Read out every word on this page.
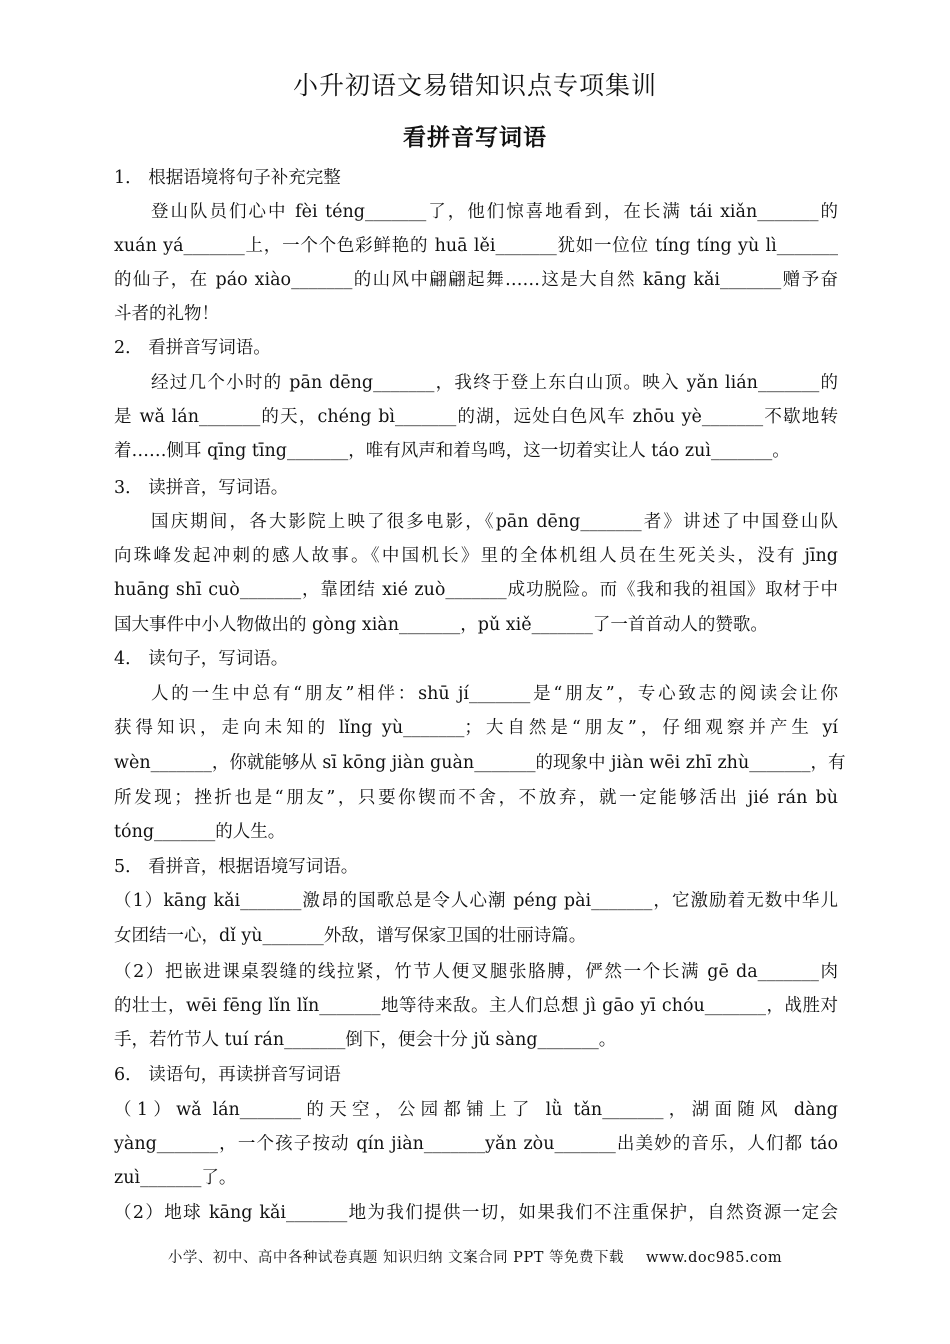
小升初语文易错知识点专项集训
看拼音写词语
1． 根据语境将句子补充完整
登山队员们心中 fèi téng_______了，他们惊喜地看到，在长满 tái xiǎn_______的
xuán yá_______上，一个个色彩鲜艳的 huā lěi_______犹如一位位 tíng tíng yù lì_______
的仙子，在 páo xiào_______的山风中翩翩起舞……这是大自然 kāng kǎi_______赠予奋
斗者的礼物！
2． 看拼音写词语。
经过几个小时的 pān dēng_______，我终于登上东白山顶。映入 yǎn lián_______的
是 wǎ lán_______的天，chéng bì_______的湖，远处白色风车 zhōu yè_______不歇地转
着……侧耳 qīng tīng_______，唯有风声和着鸟鸣，这一切着实让人 táo zuì_______。
3． 读拼音，写词语。
国庆期间，各大影院上映了很多电影，《pān dēng_______者》讲述了中国登山队
向珠峰发起冲刺的感人故事。《中国机长》里的全体机组人员在生死关头，没有 jīng
huāng shī cuò_______，靠团结 xié zuò_______成功脱险。而《我和我的祖国》取材于中
国大事件中小人物做出的 gòng xiàn_______，pǔ xiě_______了一首首动人的赞歌。
4． 读句子，写词语。
人的一生中总有“朋友”相伴：shū jí_______是“朋友”，专心致志的阅读会让你
获得知识，走向未知的 lǐng yù_______；大自然是“朋友”，仔细观察并产生 yí
wèn_______，你就能够从 sī kōng jiàn guàn_______的现象中 jiàn wēi zhī zhù_______，有
所发现；挫折也是“朋友”，只要你锲而不舍，不放弃，就一定能够活出 jié rán bù
tóng_______的人生。
5． 看拼音，根据语境写词语。
（1）kāng kǎi_______激昂的国歌总是令人心潮 péng pài_______，它激励着无数中华儿
女团结一心，dǐ yù_______外敌，谱写保家卫国的壮丽诗篇。
（2）把嵌进课桌裂缝的线拉紧，竹节人便叉腿张胳膊，俨然一个长满 gē da_______肉
的壮士，wēi fēng lǐn lǐn_______地等待来敌。主人们总想 jì gāo yī chóu_______，战胜对
手，若竹节人 tuí rán_______倒下，便会十分 jǔ sàng_______。
6． 读语句，再读拼音写词语
（1）wǎ lán_______的天空，公园都铺上了 lǜ tǎn_______，湖面随风 dàng
yàng_______，一个孩子按动 qín jiàn_______yǎn zòu_______出美妙的音乐，人们都 táo
zuì_______了。
（2）地球 kāng kǎi_______地为我们提供一切，如果我们不注重保护，自然资源一定会
小学、初中、高中各种试卷真题 知识归纳 文案合同 PPT 等免费下载 www.doc985.com
